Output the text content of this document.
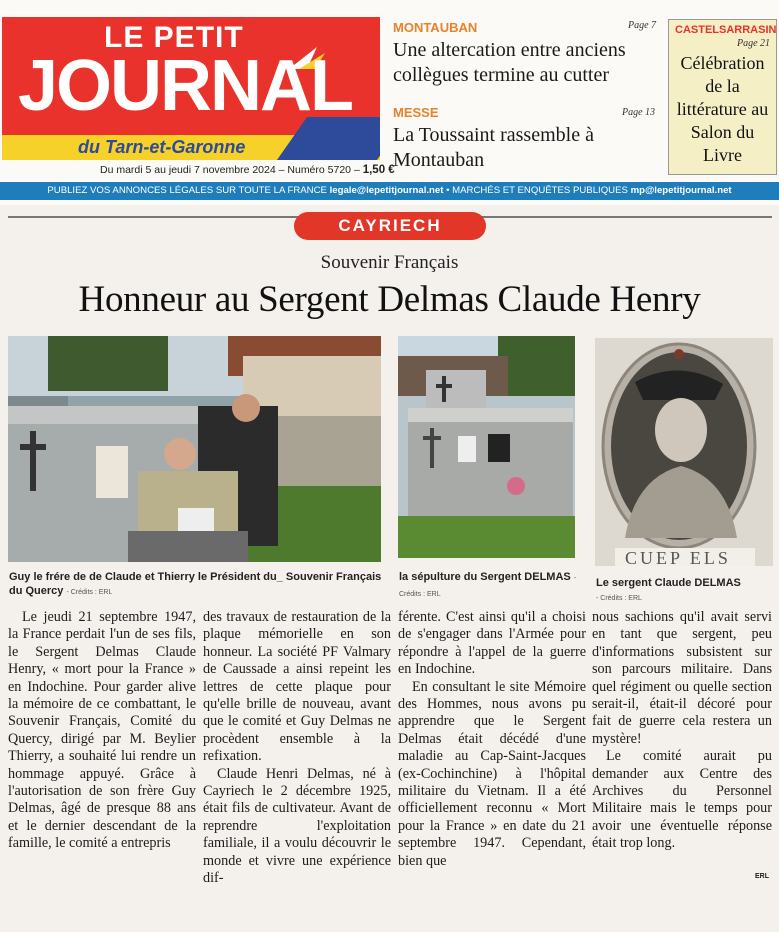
LE PETIT
JOURNAL
du Tarn-et-Garonne
Du mardi 5 au jeudi 7 novembre 2024 – Numéro 5720 – 1,50 €
MONTAUBAN	Page 7
Une altercation entre anciens collègues termine au cutter
MESSE	Page 13
La Toussaint rassemble à Montauban
CASTELSARRASIN
Page 21
Célébration de la littérature au Salon du Livre
PUBLIEZ VOS ANNONCES LÉGALES SUR TOUTE LA FRANCE legale@lepetitjournal.net • MARCHÉS ET ENQUÊTES PUBLIQUES mp@lepetitjournal.net
CAYRIECH
Souvenir Français
Honneur au Sergent Delmas Claude Henry
CUEP ELS
Guy le frére de de Claude et Thierry le Président du_ Souvenir Français du Quercy - Crédits : ERL
la sépulture du Sergent DELMAS - Crédits : ERL
Le sergent Claude DELMAS
- Crédits : ERL

Le jeudi 21 septembre 1947, la France perdait l'un de ses fils, le Sergent Delmas Claude Henry, « mort pour la France » en Indochine. Pour garder alive la mémoire de ce combattant, le Souvenir Français, Comité du Quercy, dirigé par M. Beylier Thierry, a souhaité lui rendre un hommage appuyé. Grâce à l'autorisation de son frère Guy Delmas, âgé de presque 88 ans et le dernier descendant de la famille, le comité a entrepris

des travaux de restauration de la plaque mémorielle en son honneur. La société PF Valmary de Caussade a ainsi repeint les lettres de cette plaque pour qu'elle brille de nouveau, avant que le comité et Guy Delmas ne procèdent ensemble à la refixation.

Claude Henri Delmas, né à Cayriech le 2 décembre 1925, était fils de cultivateur. Avant de reprendre l'exploitation familiale, il a voulu découvrir le monde et vivre une expérience dif-

férente. C'est ainsi qu'il a choisi de s'engager dans l'Armée pour répondre à l'appel de la guerre en Indochine.

En consultant le site Mémoire des Hommes, nous avons pu apprendre que le Sergent Delmas était décédé d'une maladie au Cap-Saint-Jacques (ex-Cochinchine) à l'hôpital militaire du Vietnam. Il a été officiellement reconnu « Mort pour la France » en date du 21 septembre 1947. Cependant, bien que

nous sachions qu'il avait servi en tant que sergent, peu d'informations subsistent sur son parcours militaire. Dans quel régiment ou quelle section serait-il, était-il décoré pour fait de guerre cela restera un mystère!

Le comité aurait pu demander aux Centre des Archives du Personnel Militaire mais le temps pour avoir une éventuelle réponse était trop long.

ERL
